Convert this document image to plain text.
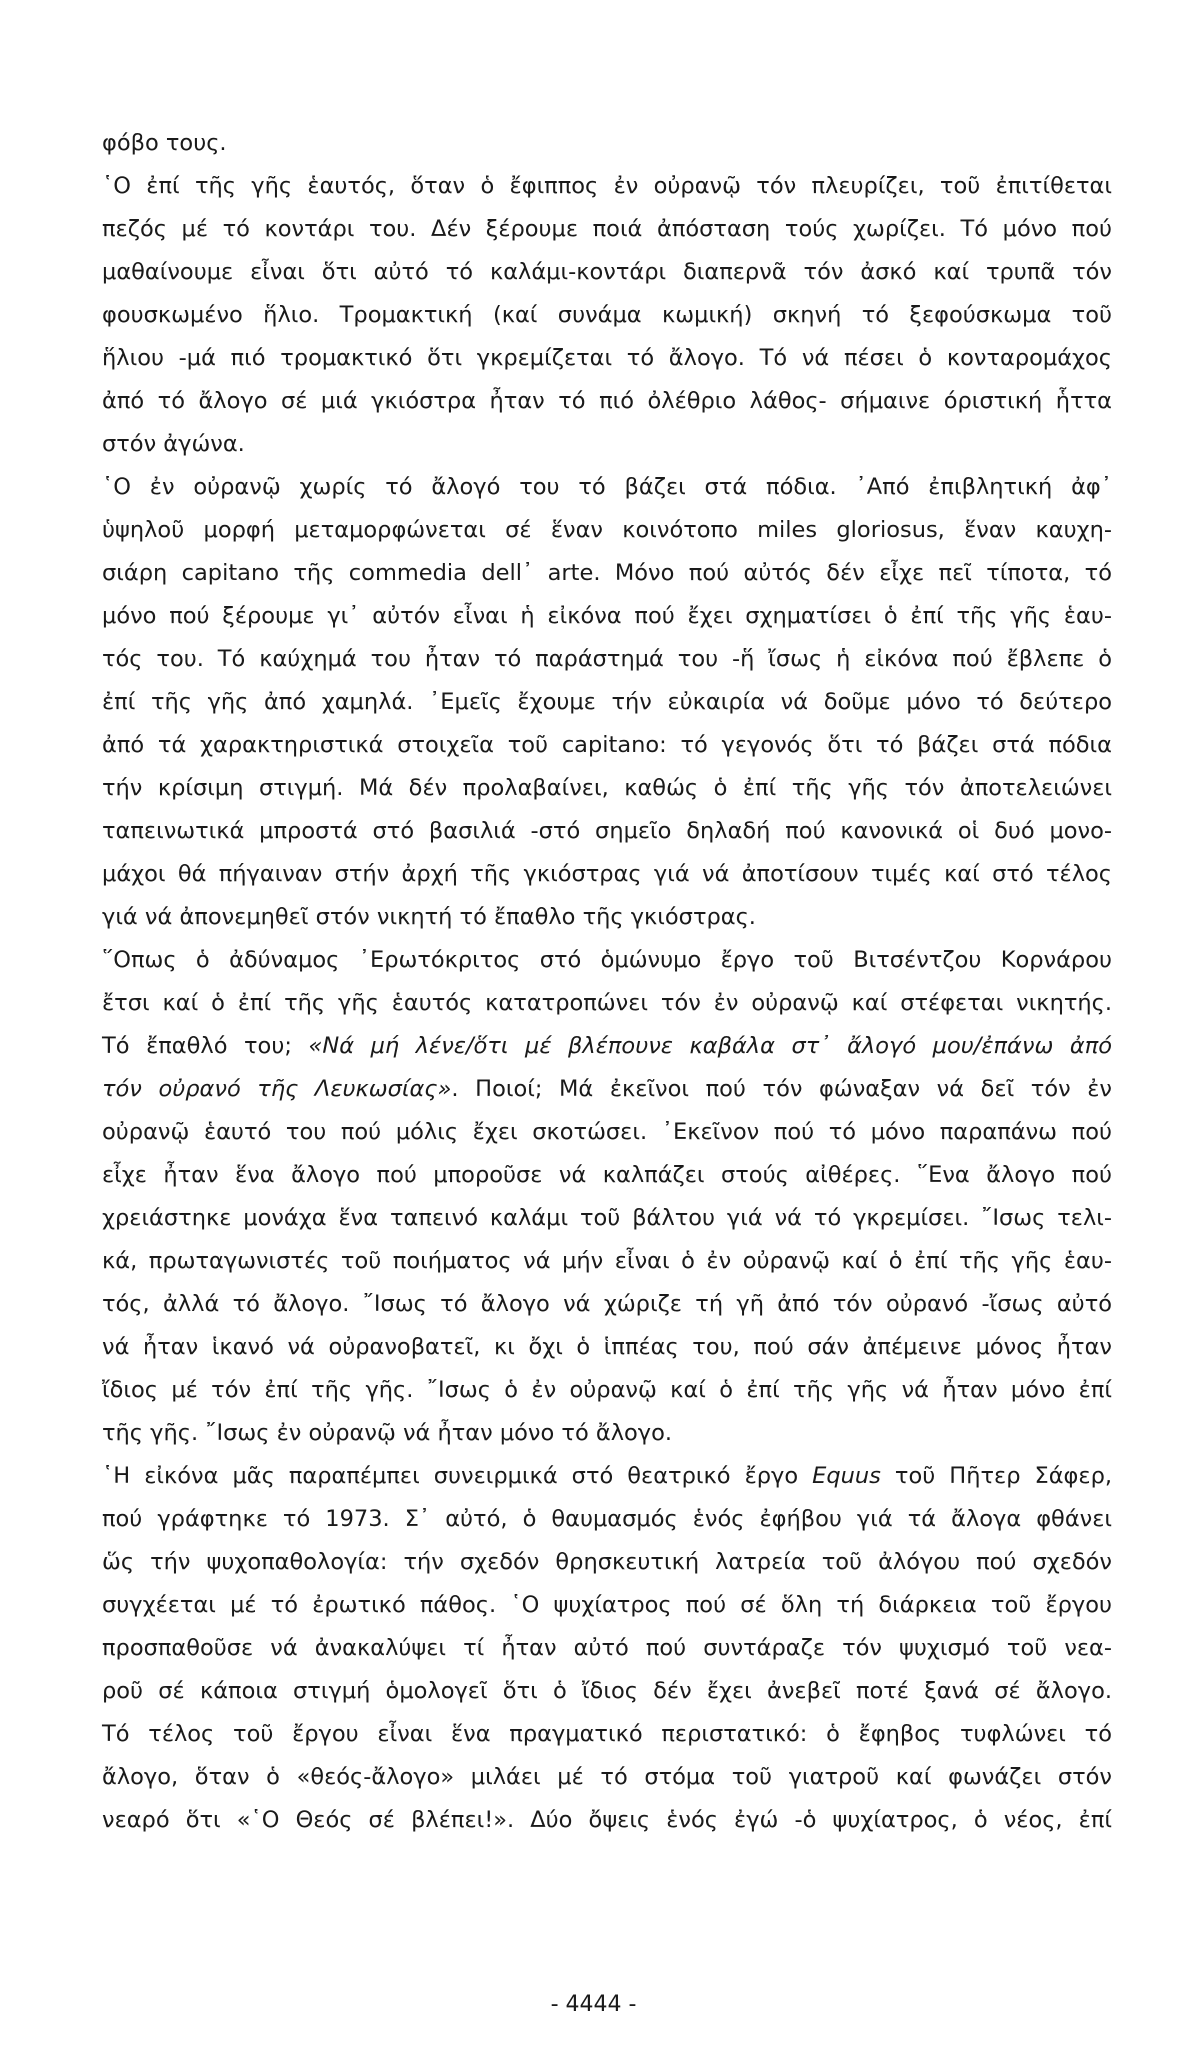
φόβο τους.
῾Ο ἐπί τῆς γῆς ἑαυτός, ὅταν ὁ ἔφιππος ἐν οὐρανῷ τόν πλευρίζει, τοῦ ἐπιτίθεται
πεζός μέ τό κοντάρι του. Δέν ξέρουμε ποιά ἀπόσταση τούς χωρίζει. Τό μόνο πού
μαθαίνουμε εἶναι ὅτι αὐτό τό καλάμι-κοντάρι διαπερνᾶ τόν ἀσκό καί τρυπᾶ τόν
φουσκωμένο ἥλιο. Τρομακτική (καί συνάμα κωμική) σκηνή τό ξεφούσκωμα τοῦ
ἥλιου -μά πιό τρομακτικό ὅτι γκρεμίζεται τό ἄλογο. Τό νά πέσει ὁ κονταρομάχος
ἀπό τό ἄλογο σέ μιά γκιόστρα ἦταν τό πιό ὀλέθριο λάθος- σήμαινε όριστική ἧττα
στόν ἀγώνα.
῾Ο ἐν οὐρανῷ χωρίς τό ἄλογό του τό βάζει στά πόδια. ᾿Από ἐπιβλητική ἀφ᾿
ὑψηλοῦ μορφή μεταμορφώνεται σέ ἕναν κοινότοπο miles gloriosus, ἕναν καυχη-
σιάρη capitano τῆς commedia dell᾿ arte. Μόνο πού αὐτός δέν εἶχε πεῖ τίποτα, τό
μόνο πού ξέρουμε γι᾿ αὐτόν εἶναι ἡ εἰκόνα πού ἔχει σχηματίσει ὁ ἐπί τῆς γῆς ἑαυ-
τός του. Τό καύχημά του ἦταν τό παράστημά του -ἥ ἴσως ἡ εἰκόνα πού ἔβλεπε ὁ
ἐπί τῆς γῆς ἀπό χαμηλά. ᾿Εμεῖς ἔχουμε τήν εὐκαιρία νά δοῦμε μόνο τό δεύτερο
ἀπό τά χαρακτηριστικά στοιχεῖα τοῦ capitano: τό γεγονός ὅτι τό βάζει στά πόδια
τήν κρίσιμη στιγμή. Μά δέν προλαβαίνει, καθώς ὁ ἐπί τῆς γῆς τόν ἀποτελειώνει
ταπεινωτικά μπροστά στό βασιλιά -στό σημεῖο δηλαδή πού κανονικά οἱ δυό μονο-
μάχοι θά πήγαιναν στήν ἀρχή τῆς γκιόστρας γιά νά ἀποτίσουν τιμές καί στό τέλος
γιά νά ἀπονεμηθεῖ στόν νικητή τό ἔπαθλο τῆς γκιόστρας.
῞Οπως ὁ ἀδύναμος ᾿Ερωτόκριτος στό ὁμώνυμο ἔργο τοῦ Βιτσέντζου Κορνάρου
ἔτσι καί ὁ ἐπί τῆς γῆς ἑαυτός κατατροπώνει τόν ἐν οὐρανῷ καί στέφεται νικητής.
Τό ἔπαθλό του; «Νά μή λένε/ὅτι μέ βλέπουνε καβάλα στ᾿ ἄλογό μου/ἐπάνω ἀπό
τόν οὐρανό τῆς Λευκωσίας». Ποιοί; Μά ἐκεῖνοι πού τόν φώναξαν νά δεῖ τόν ἐν
οὐρανῷ ἑαυτό του πού μόλις ἔχει σκοτώσει. ᾿Εκεῖνον πού τό μόνο παραπάνω πού
εἶχε ἦταν ἕνα ἄλογο πού μποροῦσε νά καλπάζει στούς αἰθέρες. ῞Ενα ἄλογο πού
χρειάστηκε μονάχα ἕνα ταπεινό καλάμι τοῦ βάλτου γιά νά τό γκρεμίσει. ῎Ισως τελι-
κά, πρωταγωνιστές τοῦ ποιήματος νά μήν εἶναι ὁ ἐν οὐρανῷ καί ὁ ἐπί τῆς γῆς ἑαυ-
τός, ἀλλά τό ἄλογο. ῎Ισως τό ἄλογο νά χώριζε τή γῆ ἀπό τόν οὐρανό -ἴσως αὐτό
νά ἦταν ἱκανό νά οὐρανοβατεῖ, κι ὄχι ὁ ἱππέας του, πού σάν ἀπέμεινε μόνος ἦταν
ἴδιος μέ τόν ἐπί τῆς γῆς. ῎Ισως ὁ ἐν οὐρανῷ καί ὁ ἐπί τῆς γῆς νά ἦταν μόνο ἐπί
τῆς γῆς. ῎Ισως ἐν οὐρανῷ νά ἦταν μόνο τό ἄλογο.
῾Η εἰκόνα μᾶς παραπέμπει συνειρμικά στό θεατρικό ἔργο Equus τοῦ Πῆτερ Σάφερ,
πού γράφτηκε τό 1973. Σ᾿ αὐτό, ὁ θαυμασμός ἑνός ἐφήβου γιά τά ἄλογα φθάνει
ὥς τήν ψυχοπαθολογία: τήν σχεδόν θρησκευτική λατρεία τοῦ ἀλόγου πού σχεδόν
συγχέεται μέ τό ἐρωτικό πάθος. ῾Ο ψυχίατρος πού σέ ὅλη τή διάρκεια τοῦ ἔργου
προσπαθοῦσε νά ἀνακαλύψει τί ἦταν αὐτό πού συντάραζε τόν ψυχισμό τοῦ νεα-
ροῦ σέ κάποια στιγμή ὁμολογεῖ ὅτι ὁ ἴδιος δέν ἔχει ἀνεβεῖ ποτέ ξανά σέ ἄλογο.
Τό τέλος τοῦ ἔργου εἶναι ἕνα πραγματικό περιστατικό: ὁ ἔφηβος τυφλώνει τό
ἄλογο, ὅταν ὁ «θεός-ἄλογο» μιλάει μέ τό στόμα τοῦ γιατροῦ καί φωνάζει στόν
νεαρό ὅτι «῾Ο Θεός σέ βλέπει!». Δύο ὄψεις ἑνός ἐγώ -ὁ ψυχίατρος, ὁ νέος, ἐπί
- 4444 -
